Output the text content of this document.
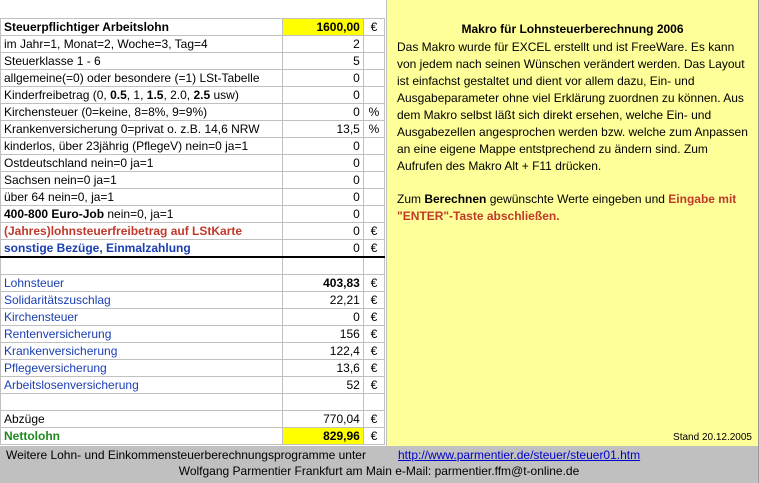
Steuerpflichtiger Arbeitslohn	1600,00	€
im Jahr=1, Monat=2, Woche=3, Tag=4	2	
Steuerklasse 1 - 6	5	
allgemeine(=0) oder besondere (=1) LSt-Tabelle	0	
Kinderfreibetrag (0, 0.5, 1, 1.5, 2.0, 2.5 usw)	0	
Kirchensteuer (0=keine, 8=8%, 9=9%)	0	%
Krankenversicherung 0=privat o. z.B. 14,6 NRW	13,5	%
kinderlos, über 23jährig (PflegeV) nein=0 ja=1	0	
Ostdeutschland nein=0 ja=1	0	
Sachsen nein=0 ja=1	0	
über 64 nein=0, ja=1	0	
400-800 Euro-Job nein=0, ja=1	0	
(Jahres)lohnsteuerfreibetrag auf LStKarte	0	€
sonstige Bezüge, Einmalzahlung	0	€

Lohnsteuer	403,83	€
Solidaritätszuschlag	22,21	€
Kirchensteuer	0	€
Rentenversicherung	156	€
Krankenversicherung	122,4	€
Pflegeversicherung	13,6	€
Arbeitslosenversicherung	52	€

Abzüge	770,04	€
Nettolohn	829,96	€
Makro für Lohnsteuerberechnung 2006

Das Makro wurde für EXCEL erstellt und ist FreeWare. Es kann von jedem nach seinen Wünschen verändert werden. Das Layout ist einfachst gestaltet und dient vor allem dazu, Ein- und Ausgabeparameter ohne viel Erklärung zuordnen zu können. Aus dem Makro selbst läßt sich direkt ersehen, welche Ein- und Ausgabezellen angesprochen werden bzw. welche zum Anpassen an eine eigene Mappe entstprechend zu ändern sind. Zum Aufrufen des Makro Alt + F11 drücken.

Zum Berechnen gewünschte Werte eingeben und Eingabe mit "ENTER"-Taste abschließen.

Stand 20.12.2005
Weitere Lohn- und Einkommensteuerberechnungsprogramme unter	http://www.parmentier.de/steuer/steuer01.htm
Wolfgang Parmentier Frankfurt am Main e-Mail: parmentier.ffm@t-online.de
